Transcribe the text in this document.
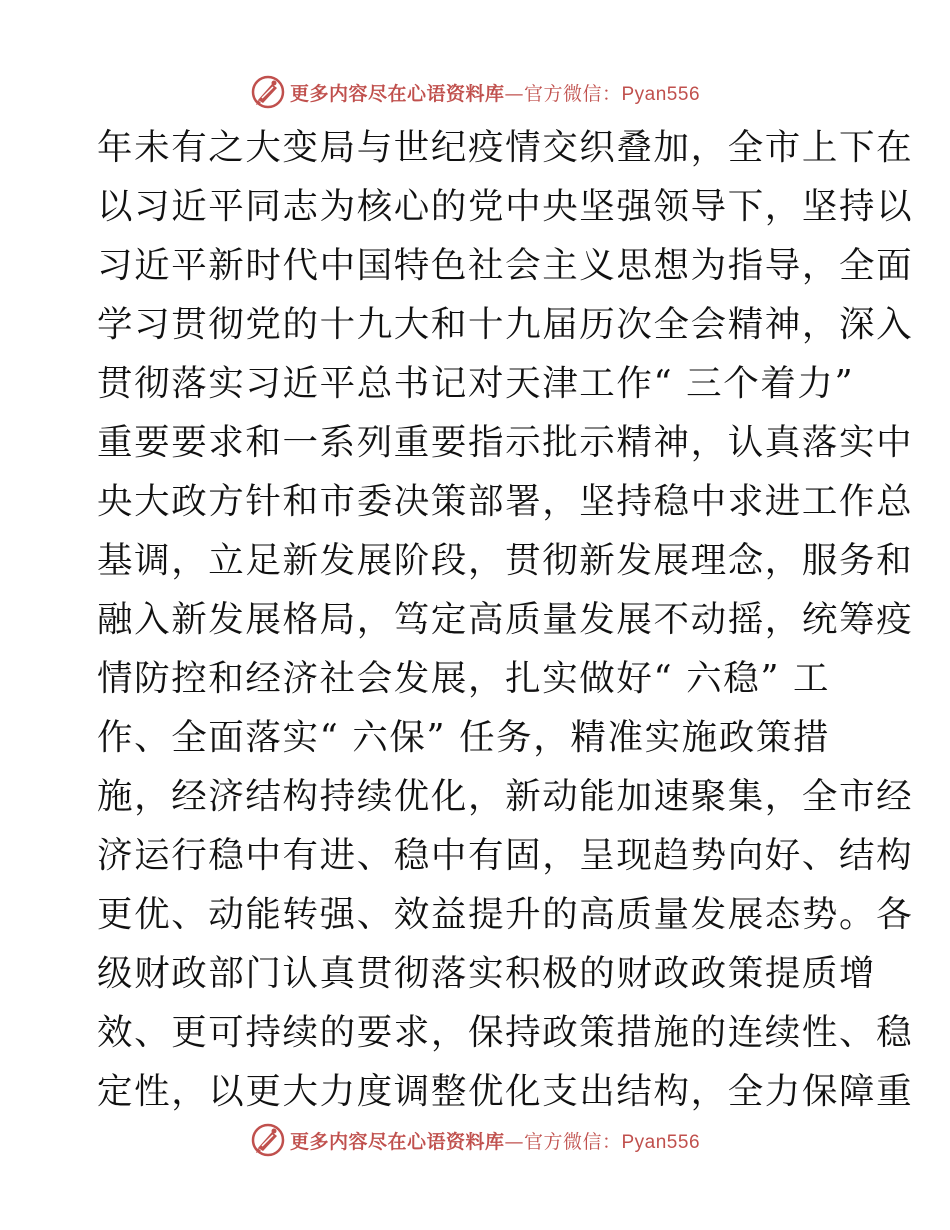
更多内容尽在心语资料库—官方微信：Pyan556
年未有之大变局与世纪疫情交织叠加，全市上下在
以习近平同志为核心的党中央坚强领导下，坚持以
习近平新时代中国特色社会主义思想为指导，全面
学习贯彻党的十九大和十九届历次全会精神，深入
贯彻落实习近平总书记对天津工作“ 三个着力”
重要要求和一系列重要指示批示精神，认真落实中
央大政方针和市委决策部署，坚持稳中求进工作总
基调，立足新发展阶段，贯彻新发展理念，服务和
融入新发展格局，笃定高质量发展不动摇，统筹疫
情防控和经济社会发展，扎实做好“ 六稳” 工
作、全面落实“ 六保” 任务，精准实施政策措
施，经济结构持续优化，新动能加速聚集，全市经
济运行稳中有进、稳中有固，呈现趋势向好、结构
更优、动能转强、效益提升的高质量发展态势。各
级财政部门认真贯彻落实积极的财政政策提质增
效、更可持续的要求，保持政策措施的连续性、稳
定性，以更大力度调整优化支出结构，全力保障重
更多内容尽在心语资料库—官方微信：Pyan556
